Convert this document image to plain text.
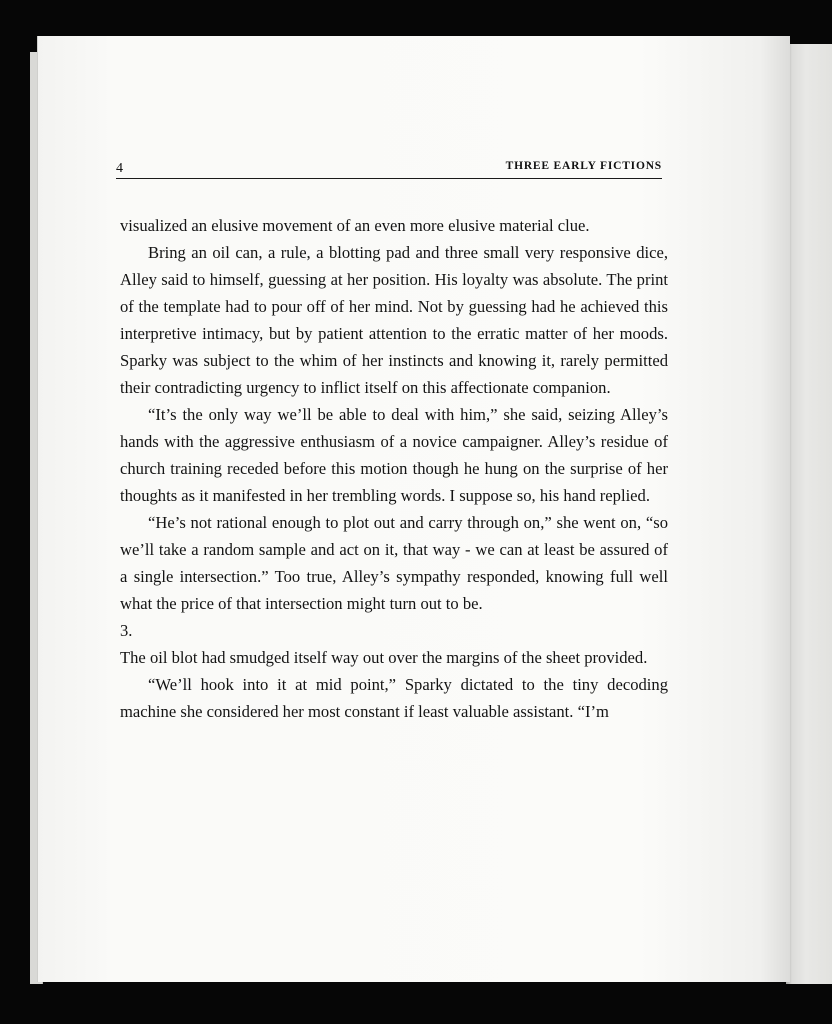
4	THREE EARLY FICTIONS

visualized an elusive movement of an even more elusive material clue.

Bring an oil can, a rule, a blotting pad and three small very responsive dice, Alley said to himself, guessing at her position. His loyalty was absolute. The print of the template had to pour off of her mind. Not by guessing had he achieved this interpretive intimacy, but by patient attention to the erratic matter of her moods. Sparky was subject to the whim of her instincts and knowing it, rarely permitted their contradicting urgency to inflict itself on this affectionate companion.

“It’s the only way we’ll be able to deal with him,” she said, seizing Alley’s hands with the aggressive enthusiasm of a novice campaigner. Alley’s residue of church training receded before this motion though he hung on the surprise of her thoughts as it manifested in her trembling words. I suppose so, his hand replied.

“He’s not rational enough to plot out and carry through on,” she went on, “so we’ll take a random sample and act on it, that way - we can at least be assured of a single intersection.” Too true, Alley’s sympathy responded, knowing full well what the price of that intersection might turn out to be.

3.

The oil blot had smudged itself way out over the margins of the sheet provided.

“We’ll hook into it at mid point,” Sparky dictated to the tiny decoding machine she considered her most constant if least valuable assistant. “I’m
